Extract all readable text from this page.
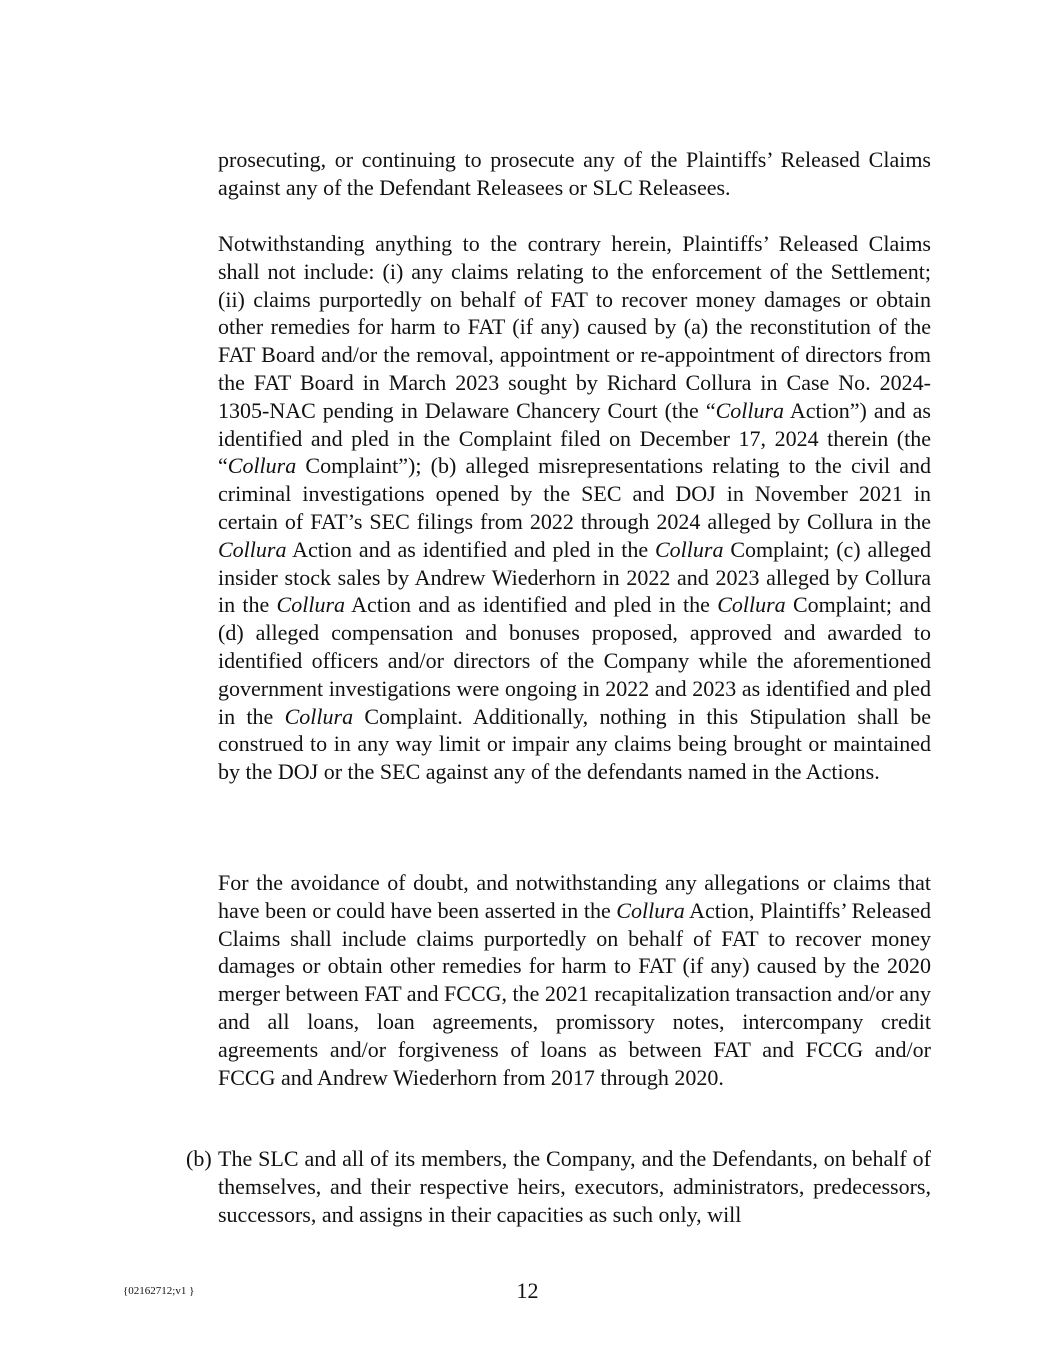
prosecuting, or continuing to prosecute any of the Plaintiffs’ Released Claims against any of the Defendant Releasees or SLC Releasees.

Notwithstanding anything to the contrary herein, Plaintiffs’ Released Claims shall not include: (i) any claims relating to the enforcement of the Settlement; (ii) claims purportedly on behalf of FAT to recover money damages or obtain other remedies for harm to FAT (if any) caused by (a) the reconstitution of the FAT Board and/or the removal, appointment or re-appointment of directors from the FAT Board in March 2023 sought by Richard Collura in Case No. 2024-1305-NAC pending in Delaware Chancery Court (the “Collura Action”) and as identified and pled in the Complaint filed on December 17, 2024 therein (the “Collura Complaint”); (b) alleged misrepresentations relating to the civil and criminal investigations opened by the SEC and DOJ in November 2021 in certain of FAT’s SEC filings from 2022 through 2024 alleged by Collura in the Collura Action and as identified and pled in the Collura Complaint; (c) alleged insider stock sales by Andrew Wiederhorn in 2022 and 2023 alleged by Collura in the Collura Action and as identified and pled in the Collura Complaint; and (d) alleged compensation and bonuses proposed, approved and awarded to identified officers and/or directors of the Company while the aforementioned government investigations were ongoing in 2022 and 2023 as identified and pled in the Collura Complaint. Additionally, nothing in this Stipulation shall be construed to in any way limit or impair any claims being brought or maintained by the DOJ or the SEC against any of the defendants named in the Actions.

For the avoidance of doubt, and notwithstanding any allegations or claims that have been or could have been asserted in the Collura Action, Plaintiffs’ Released Claims shall include claims purportedly on behalf of FAT to recover money damages or obtain other remedies for harm to FAT (if any) caused by the 2020 merger between FAT and FCCG, the 2021 recapitalization transaction and/or any and all loans, loan agreements, promissory notes, intercompany credit agreements and/or forgiveness of loans as between FAT and FCCG and/or FCCG and Andrew Wiederhorn from 2017 through 2020.

(b) The SLC and all of its members, the Company, and the Defendants, on behalf of themselves, and their respective heirs, executors, administrators, predecessors, successors, and assigns in their capacities as such only, will

{02162712;v1 }	12
